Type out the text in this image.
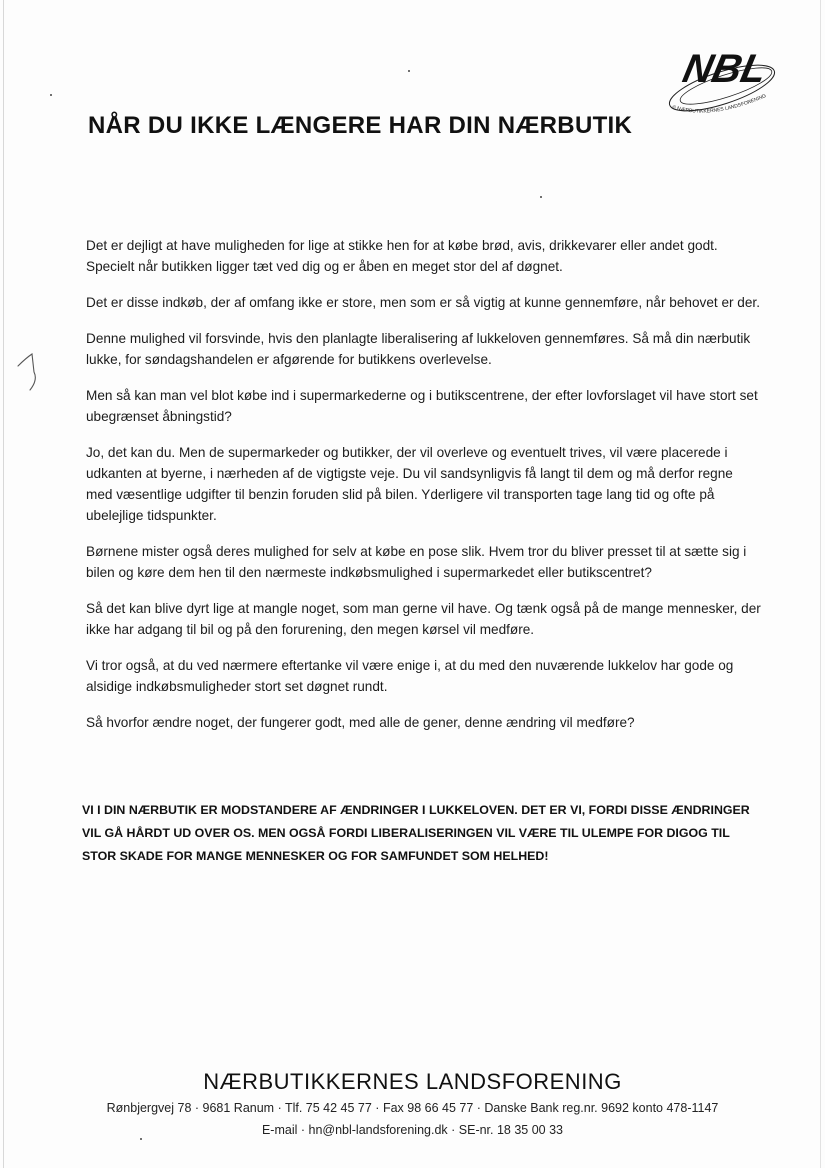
NBL
© NÆRBUTIKKERNES LANDSFORENING
NÅR DU IKKE LÆNGERE HAR DIN NÆRBUTIK

Det er dejligt at have muligheden for lige at stikke hen for at købe brød, avis, drikkevarer eller andet godt. Specielt når butikken ligger tæt ved dig og er åben en meget stor del af døgnet.

Det er disse indkøb, der af omfang ikke er store, men som er så vigtig at kunne gennemføre, når behovet er der.

Denne mulighed vil forsvinde, hvis den planlagte liberalisering af lukkeloven gennemføres. Så må din nærbutik lukke, for søndagshandelen er afgørende for butikkens overlevelse.

Men så kan man vel blot købe ind i supermarkederne og i butikscentrene, der efter lovforslaget vil have stort set ubegrænset åbningstid?

Jo, det kan du. Men de supermarkeder og butikker, der vil overleve og eventuelt trives, vil være placerede i udkanten at byerne, i nærheden af de vigtigste veje. Du vil sandsynligvis få langt til dem og må derfor regne med væsentlige udgifter til benzin foruden slid på bilen. Yderligere vil transporten tage lang tid og ofte på ubelejlige tidspunkter.

Børnene mister også deres mulighed for selv at købe en pose slik. Hvem tror du bliver presset til at sætte sig i bilen og køre dem hen til den nærmeste indkøbsmulighed i supermarkedet eller butikscentret?

Så det kan blive dyrt lige at mangle noget, som man gerne vil have. Og tænk også på de mange mennesker, der ikke har adgang til bil og på den forurening, den megen kørsel vil medføre.

Vi tror også, at du ved nærmere eftertanke vil være enige i, at du med den nuværende lukkelov har gode og alsidige indkøbsmuligheder stort set døgnet rundt.

Så hvorfor ændre noget, der fungerer godt, med alle de gener, denne ændring vil medføre?

VI I DIN NÆRBUTIK ER MODSTANDERE AF ÆNDRINGER I LUKKELOVEN. DET ER VI, FORDI DISSE ÆNDRINGER VIL GÅ HÅRDT UD OVER OS. MEN OGSÅ FORDI LIBERALISERINGEN VIL VÆRE TIL ULEMPE FOR DIGOG TIL STOR SKADE FOR MANGE MENNESKER OG FOR SAMFUNDET SOM HELHED!
NÆRBUTIKKERNES LANDSFORENING
Rønbjergvej 78 · 9681 Ranum · Tlf. 75 42 45 77 · Fax 98 66 45 77 · Danske Bank reg.nr. 9692 konto 478-1147
E-mail · hn@nbl-landsforening.dk · SE-nr. 18 35 00 33
